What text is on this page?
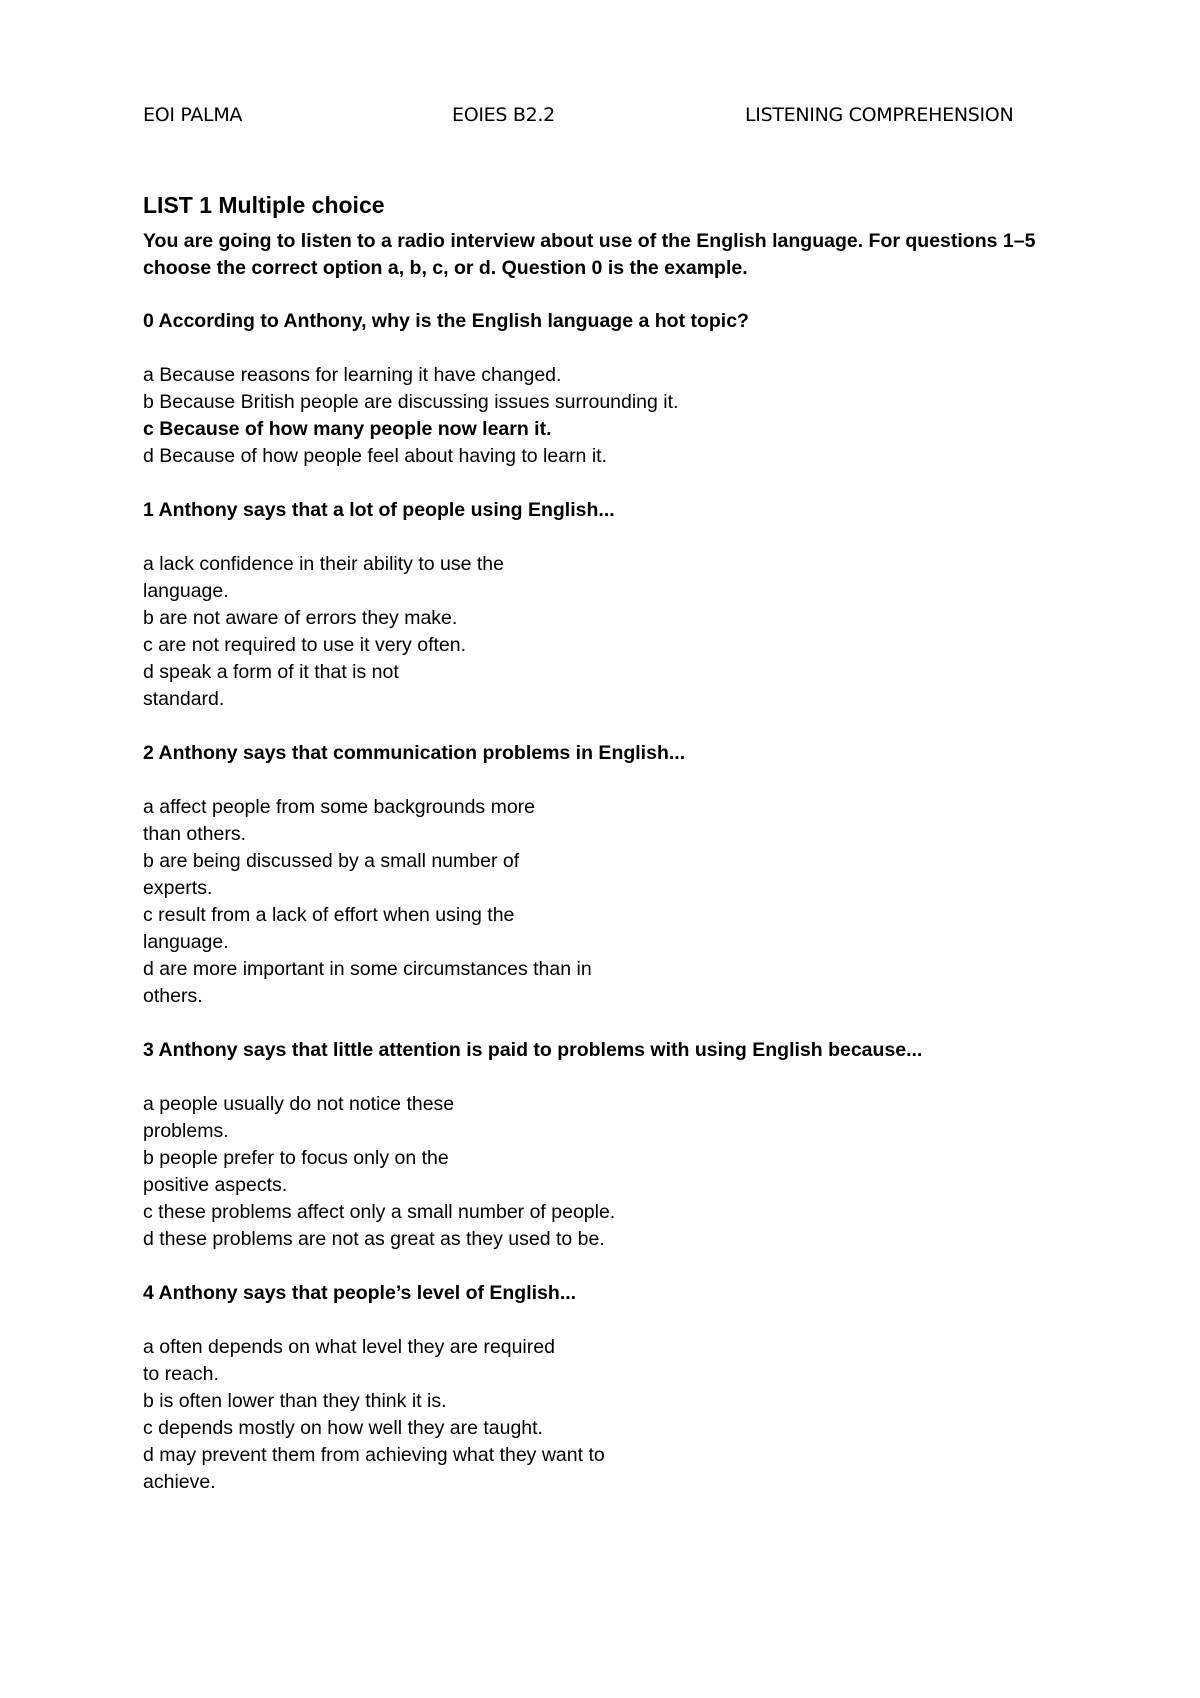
EOI PALMA	EOIES B2.2	LISTENING COMPREHENSION
LIST 1 Multiple choice
You are going to listen to a radio interview about use of the English language. For questions 1–5 choose the correct option a, b, c, or d. Question 0 is the example.

0 According to Anthony, why is the English language a hot topic?

a Because reasons for learning it have changed.

b Because British people are discussing issues surrounding it.

c Because of how many people now learn it.

d Because of how people feel about having to learn it.

1 Anthony says that a lot of people using English...

a lack confidence in their ability to use the
language.

b are not aware of errors they make.

c are not required to use it very often.

d speak a form of it that is not
standard.

2 Anthony says that communication problems in English...

a affect people from some backgrounds more
than others.

b are being discussed by a small number of
experts.

c result from a lack of effort when using the
language.

d are more important in some circumstances than in
others.

3 Anthony says that little attention is paid to problems with using English because...

a people usually do not notice these
problems.

b people prefer to focus only on the
positive aspects.

c these problems affect only a small number of people.

d these problems are not as great as they used to be.

4 Anthony says that people’s level of English...

a often depends on what level they are required
to reach.

b is often lower than they think it is.

c depends mostly on how well they are taught.

d may prevent them from achieving what they want to
achieve.
